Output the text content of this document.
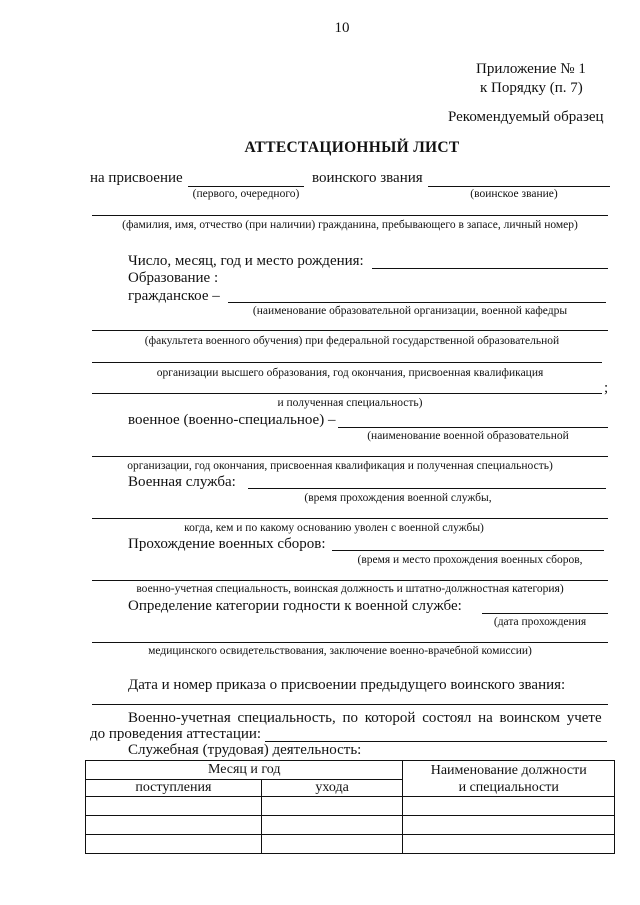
10
Приложение № 1
к Порядку (п. 7)
Рекомендуемый образец
АТТЕСТАЦИОННЫЙ ЛИСТ
на присвоение	воинского звания
(первого, очередного)	(воинское звание)
(фамилия, имя, отчество (при наличии) гражданина, пребывающего в запасе, личный номер)
Число, месяц, год и место рождения:
Образование :
гражданское –
(наименование образовательной организации, военной кафедры
(факультета военного обучения) при федеральной государственной образовательной
организации высшего образования, год окончания, присвоенная квалификация
;
и полученная специальность)
военное (военно-специальное) –
(наименование военной образовательной
организации, год окончания, присвоенная квалификация и полученная специальность)
Военная служба:
(время прохождения военной службы,
когда, кем и по какому основанию уволен с военной службы)
Прохождение военных сборов:
(время и место прохождения военных сборов,
военно-учетная специальность, воинская должность и штатно-должностная категория)
Определение категории годности к военной службе:
(дата прохождения
медицинского освидетельствования, заключение военно-врачебной комиссии)
Дата и номер приказа о присвоении предыдущего воинского звания:
Военно-учетная специальность, по которой состоял на воинском учете
до проведения аттестации:
Служебная (трудовая) деятельность:
Месяц и год		Наименование должности
и специальности
поступления	ухода	
